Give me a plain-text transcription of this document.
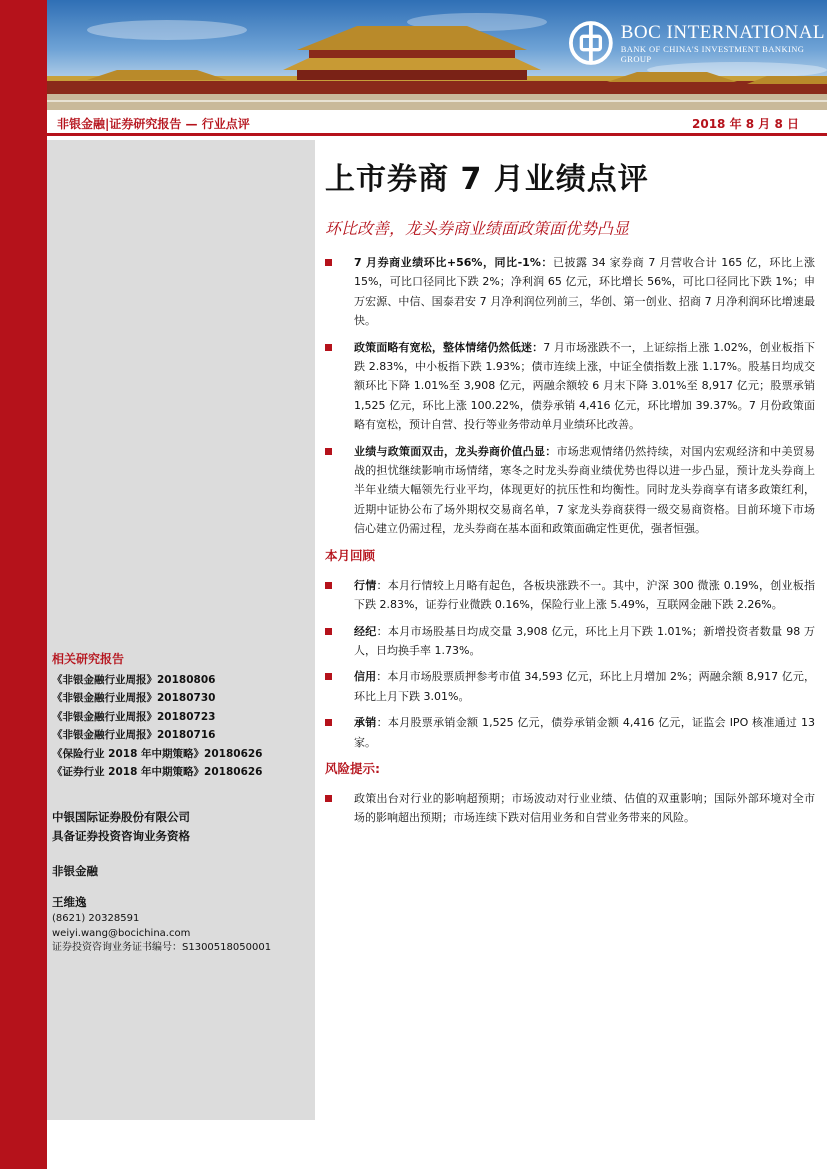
BOC INTERNATIONAL
BANK OF CHINA'S INVESTMENT BANKING GROUP
非银金融|证券研究报告 — 行业点评	2018 年 8 月 8 日
相关研究报告
《非银金融行业周报》20180806
《非银金融行业周报》20180730
《非银金融行业周报》20180723
《非银金融行业周报》20180716
《保险行业 2018 年中期策略》20180626
《证券行业 2018 年中期策略》20180626
中银国际证券股份有限公司
具备证券投资咨询业务资格
非银金融
王维逸
(8621) 20328591
weiyi.wang@bocichina.com
证券投资咨询业务证书编号：S1300518050001
上市券商 7 月业绩点评
环比改善，龙头券商业绩面政策面优势凸显
7 月券商业绩环比+56%，同比-1%：已披露 34 家券商 7 月营收合计 165 亿，环比上涨 15%，可比口径同比下跌 2%；净利润 65 亿元，环比增长 56%，可比口径同比下跌 1%；申万宏源、中信、国泰君安 7 月净利润位列前三，华创、第一创业、招商 7 月净利润环比增速最快。
政策面略有宽松，整体情绪仍然低迷：7 月市场涨跌不一，上证综指上涨 1.02%，创业板指下跌 2.83%，中小板指下跌 1.93%；债市连续上涨，中证全债指数上涨 1.17%。股基日均成交额环比下降 1.01%至 3,908 亿元，两融余额较 6 月末下降 3.01%至 8,917 亿元；股票承销 1,525 亿元，环比上涨 100.22%，债券承销 4,416 亿元，环比增加 39.37%。7 月份政策面略有宽松，预计自营、投行等业务带动单月业绩环比改善。
业绩与政策面双击，龙头券商价值凸显：市场悲观情绪仍然持续，对国内宏观经济和中美贸易战的担忧继续影响市场情绪，寒冬之时龙头券商业绩优势也得以进一步凸显，预计龙头券商上半年业绩大幅领先行业平均，体现更好的抗压性和均衡性。同时龙头券商享有诸多政策红利，近期中证协公布了场外期权交易商名单，7 家龙头券商获得一级交易商资格。目前环境下市场信心建立仍需过程，龙头券商在基本面和政策面确定性更优，强者恒强。
本月回顾
行情：本月行情较上月略有起色，各板块涨跌不一。其中，沪深 300 微涨 0.19%，创业板指下跌 2.83%，证券行业微跌 0.16%，保险行业上涨 5.49%，互联网金融下跌 2.26%。
经纪：本月市场股基日均成交量 3,908 亿元，环比上月下跌 1.01%；新增投资者数量 98 万人，日均换手率 1.73%。
信用：本月市场股票质押参考市值 34,593 亿元，环比上月增加 2%；两融余额 8,917 亿元，环比上月下跌 3.01%。
承销：本月股票承销金额 1,525 亿元，债券承销金额 4,416 亿元，证监会 IPO 核准通过 13 家。
风险提示:
政策出台对行业的影响超预期；市场波动对行业业绩、估值的双重影响；国际外部环境对全市场的影响超出预期；市场连续下跌对信用业务和自营业务带来的风险。
